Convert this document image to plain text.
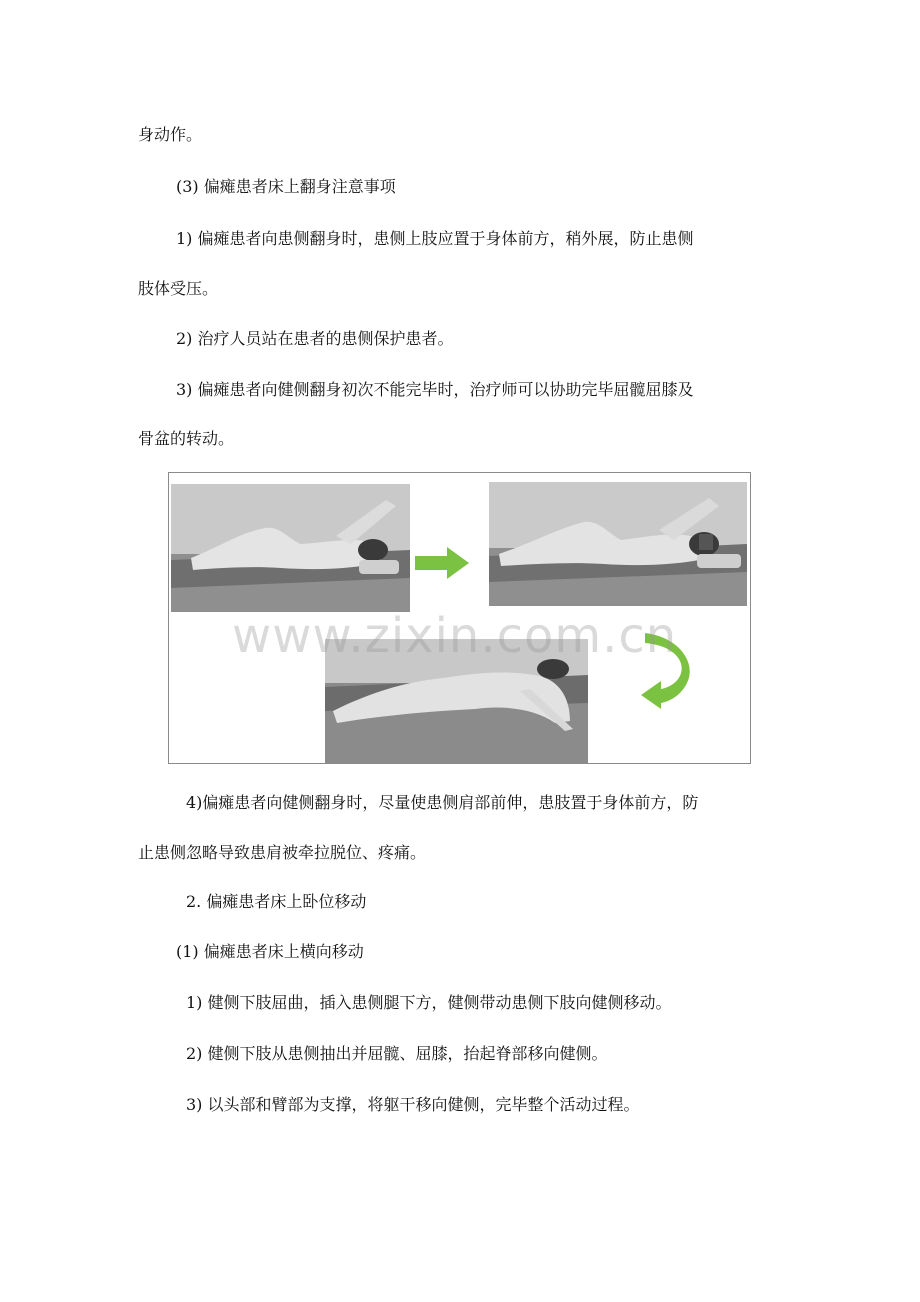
身动作。
(3) 偏瘫患者床上翻身注意事项
1) 偏瘫患者向患侧翻身时，患侧上肢应置于身体前方，稍外展，防止患侧
肢体受压。
2) 治疗人员站在患者的患侧保护患者。
3) 偏瘫患者向健侧翻身初次不能完毕时，治疗师可以协助完毕屈髋屈膝及
骨盆的转动。
www.zixin.com.cn
4)偏瘫患者向健侧翻身时，尽量使患侧肩部前伸，患肢置于身体前方，防
止患侧忽略导致患肩被牵拉脱位、疼痛。
2. 偏瘫患者床上卧位移动
(1) 偏瘫患者床上横向移动
1) 健侧下肢屈曲，插入患侧腿下方，健侧带动患侧下肢向健侧移动。
2) 健侧下肢从患侧抽出并屈髋、屈膝，抬起脊部移向健侧。
3) 以头部和臂部为支撑，将躯干移向健侧，完毕整个活动过程。
